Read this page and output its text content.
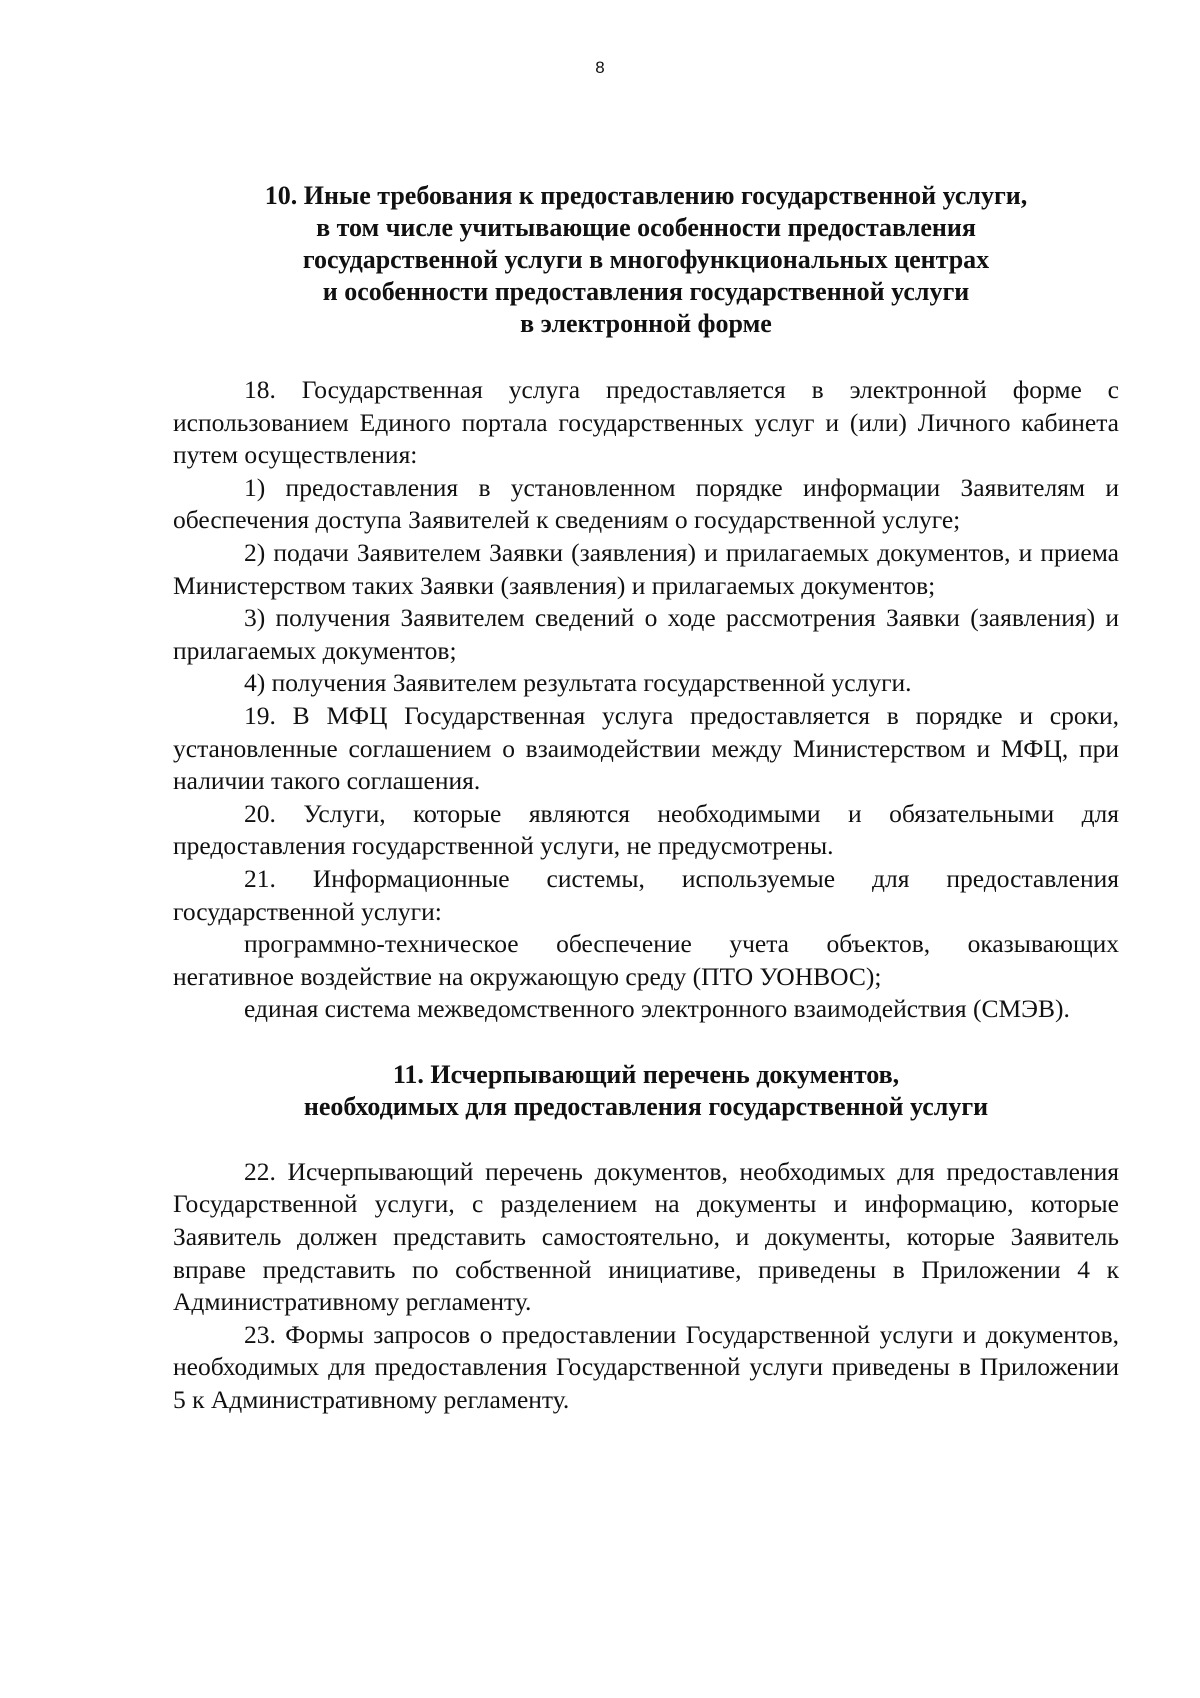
8
10. Иные требования к предоставлению государственной услуги,
в том числе учитывающие особенности предоставления
государственной услуги в многофункциональных центрах
и особенности предоставления государственной услуги
в электронной форме

18. Государственная услуга предоставляется в электронной форме с использованием Единого портала государственных услуг и (или) Личного кабинета путем осуществления:

1) предоставления в установленном порядке информации Заявителям и обеспечения доступа Заявителей к сведениям о государственной услуге;

2) подачи Заявителем Заявки (заявления) и прилагаемых документов, и приема Министерством таких Заявки (заявления) и прилагаемых документов;

3) получения Заявителем сведений о ходе рассмотрения Заявки (заявления) и прилагаемых документов;

4) получения Заявителем результата государственной услуги.

19. В МФЦ Государственная услуга предоставляется в порядке и сроки, установленные соглашением о взаимодействии между Министерством и МФЦ, при наличии такого соглашения.

20. Услуги, которые являются необходимыми и обязательными для предоставления государственной услуги, не предусмотрены.

21. Информационные системы, используемые для предоставления государственной услуги:

программно-техническое обеспечение учета объектов, оказывающих негативное воздействие на окружающую среду (ПТО УОНВОС);

единая система межведомственного электронного взаимодействия (СМЭВ).

11. Исчерпывающий перечень документов,
необходимых для предоставления государственной услуги

22. Исчерпывающий перечень документов, необходимых для предоставления Государственной услуги, с разделением на документы и информацию, которые Заявитель должен представить самостоятельно, и документы, которые Заявитель вправе представить по собственной инициативе, приведены в Приложении 4 к Административному регламенту.

23. Формы запросов о предоставлении Государственной услуги и документов, необходимых для предоставления Государственной услуги приведены в Приложении 5 к Административному регламенту.
